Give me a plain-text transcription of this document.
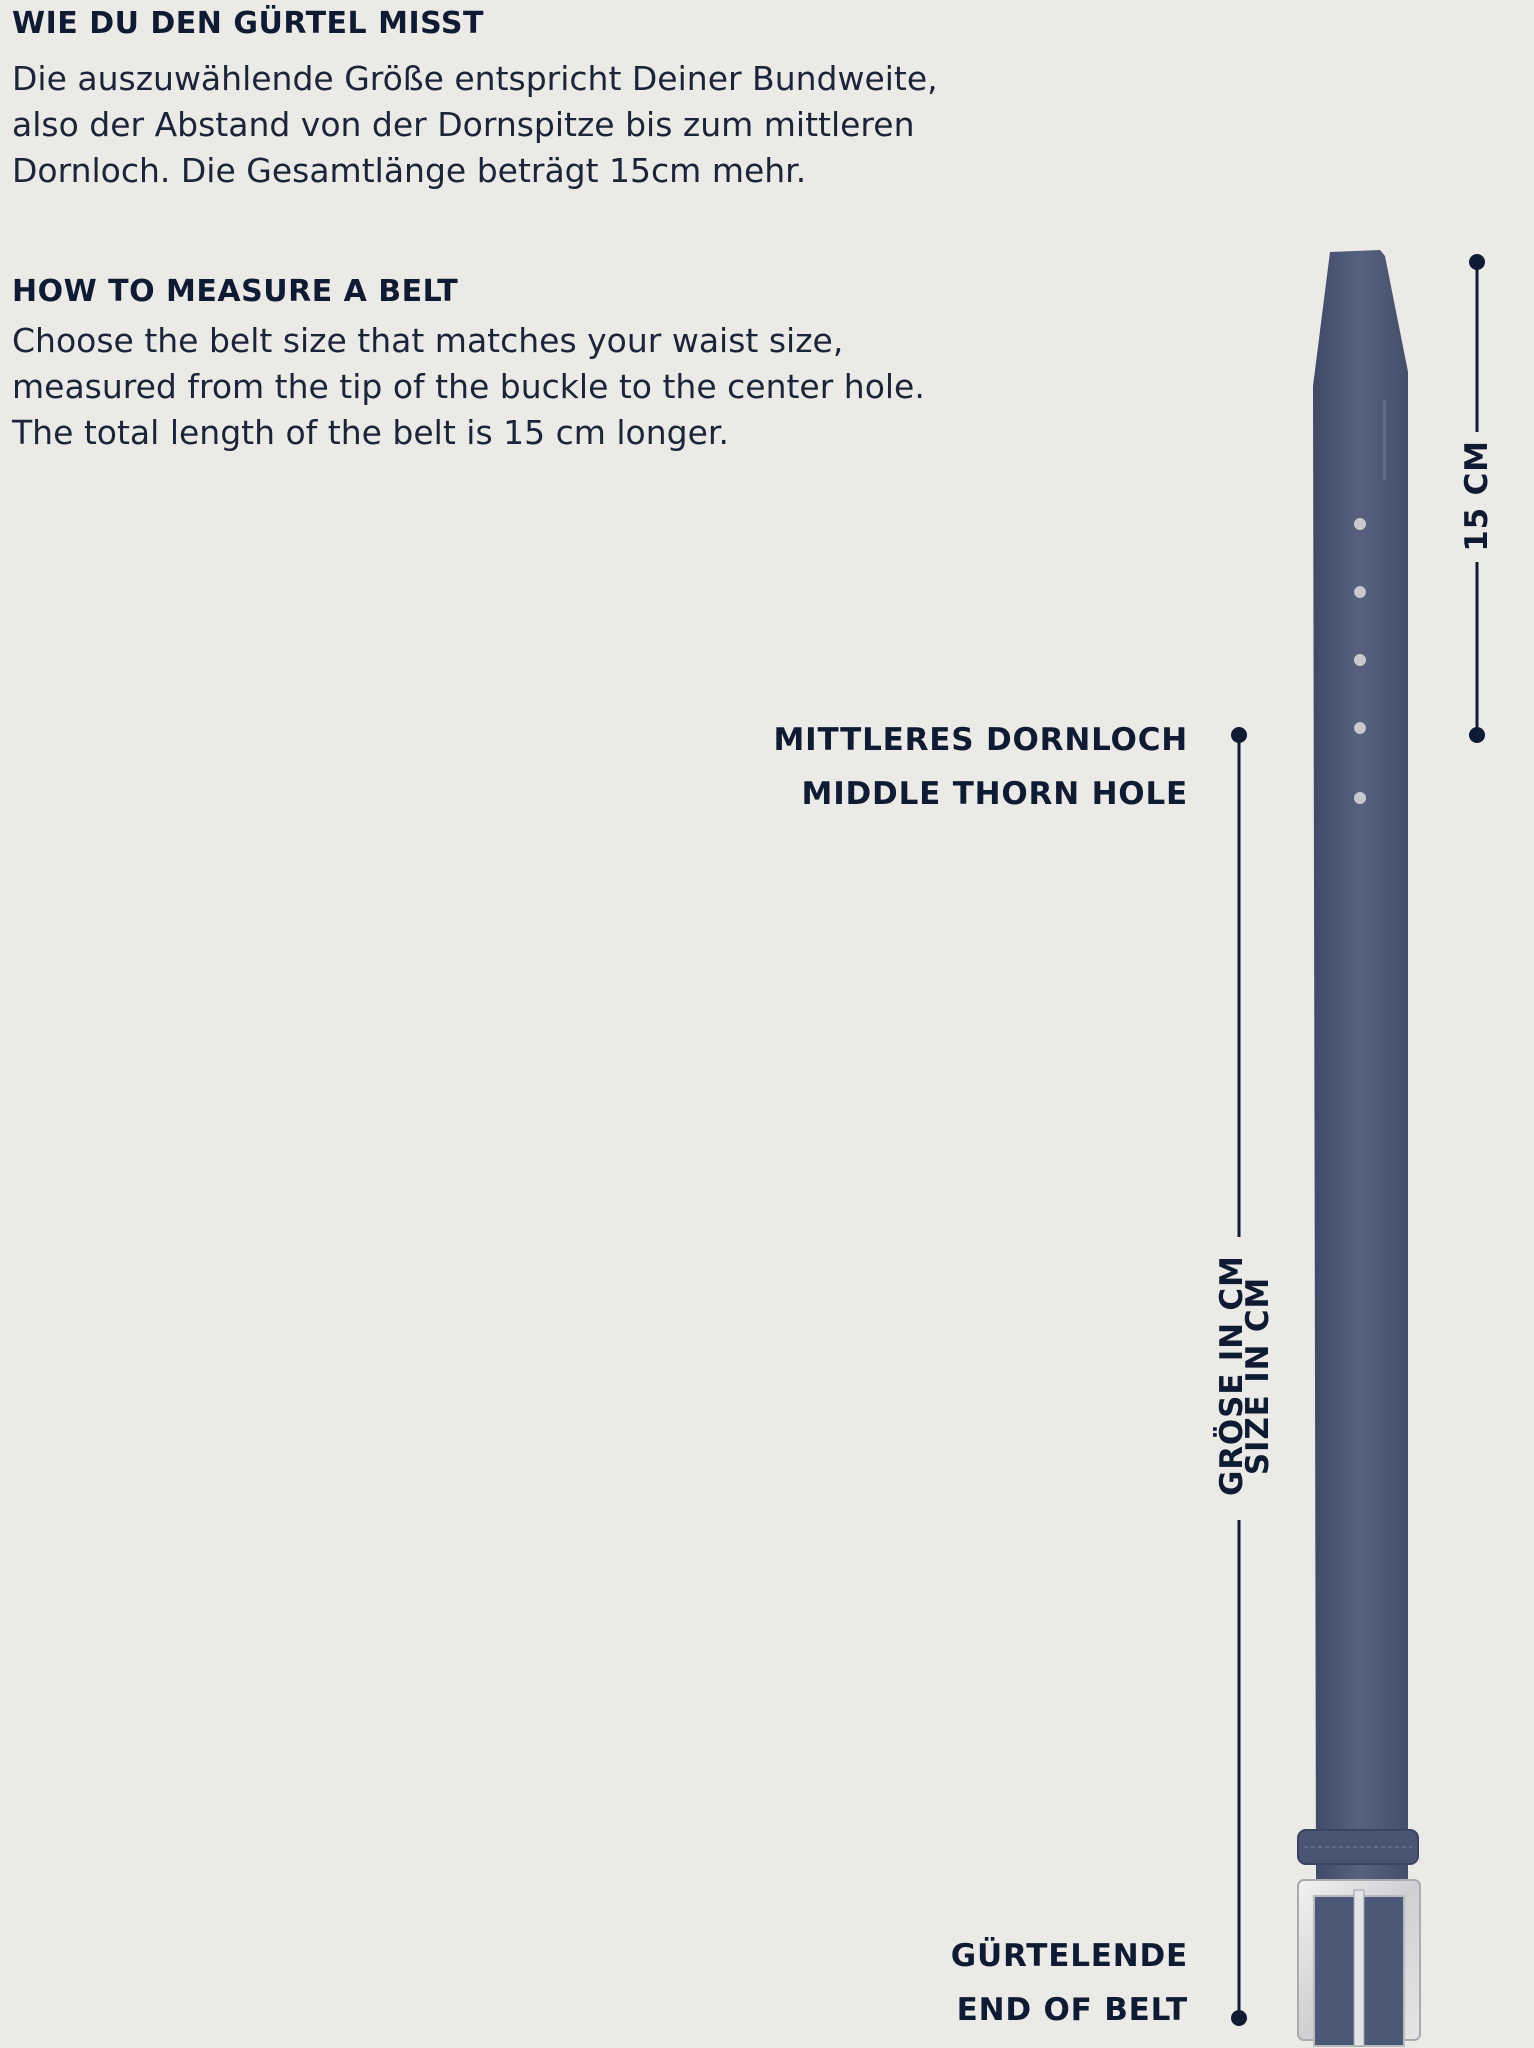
WIE DU DEN GÜRTEL MISST
Die auszuwählende Größe entspricht Deiner Bundweite,
also der Abstand von der Dornspitze bis zum mittleren
Dornloch. Die Gesamtlänge beträgt 15cm mehr.
HOW TO MEASURE A BELT
Choose the belt size that matches your waist size,
measured from the tip of the buckle to the center hole.
The total length of the belt is 15 cm longer.
MITTLERES DORNLOCH
MIDDLE THORN HOLE
GÜRTELENDE
END OF BELT
GRÖSE IN CM
SIZE IN CM
15 CM
